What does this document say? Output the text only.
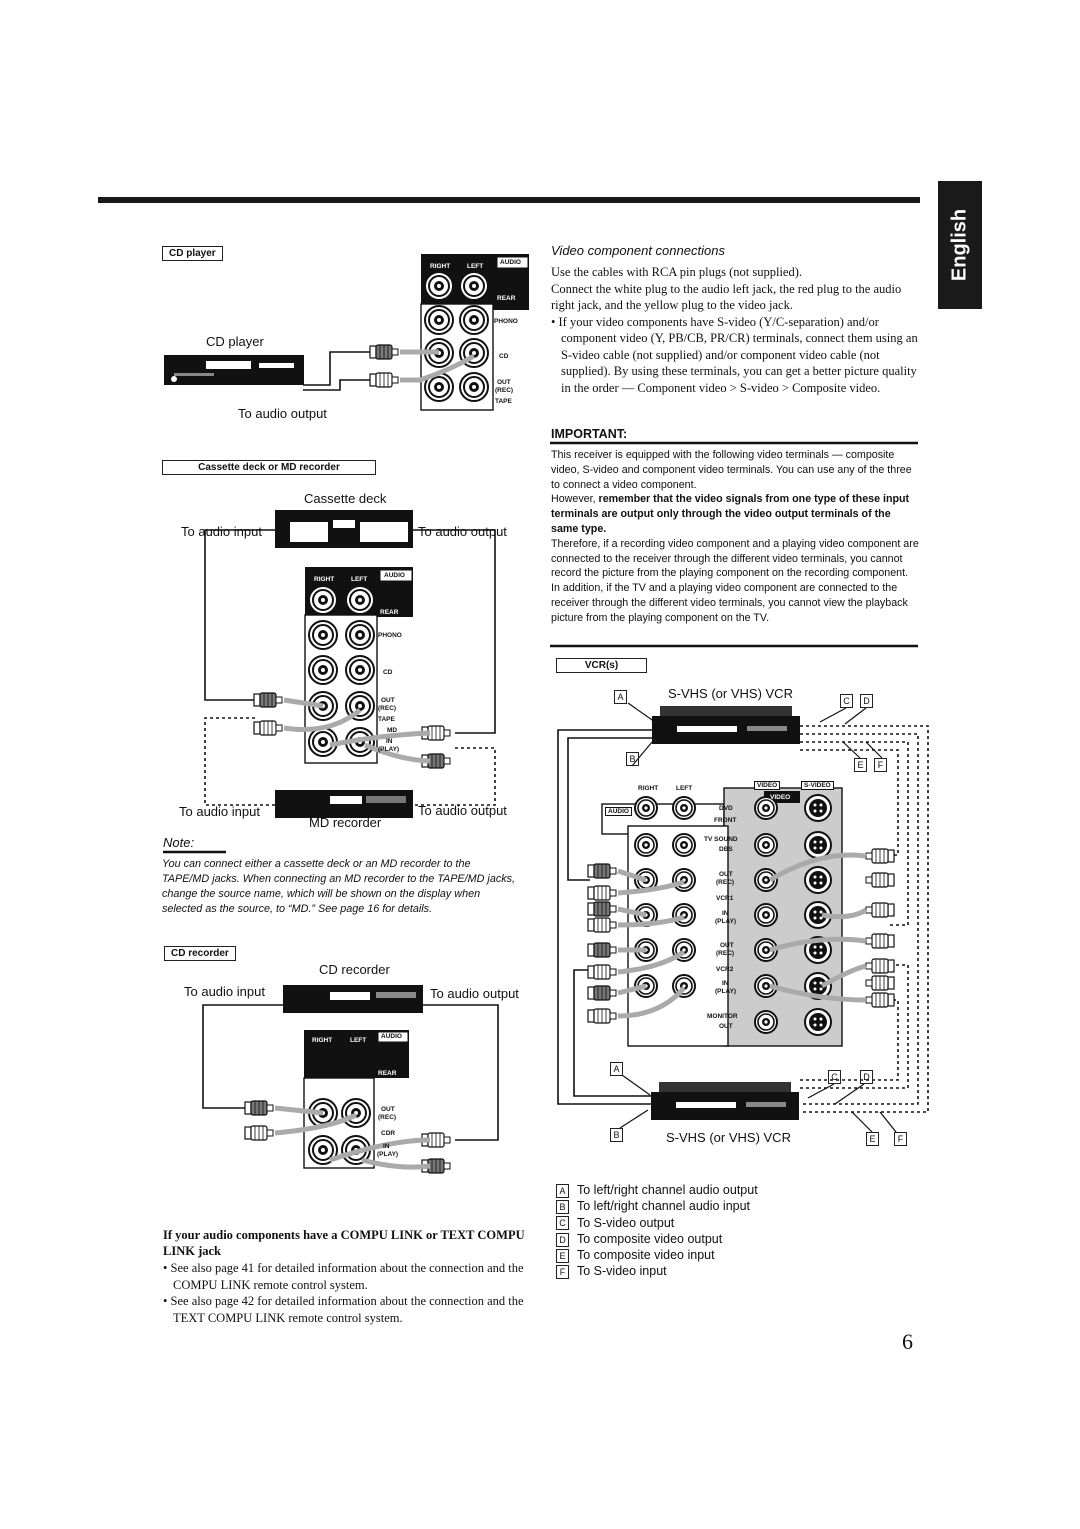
English
CD player
CD player
To audio output
RIGHT	LEFT
AUDIO
REAR
PHONO
CD
OUT
(REC)
TAPE
Cassette deck or MD recorder
Cassette deck
To audio input	To audio output
RIGHT	LEFT
AUDIO
REAR
PHONO
CD
OUT
(REC)
TAPE
MD
IN
(PLAY)
To audio input	To audio output
MD recorder
Note:
You can connect either a cassette deck or an MD recorder to the TAPE/MD jacks. When connecting an MD recorder to the TAPE/MD jacks, change the source name, which will be shown on the display when selected as the source, to “MD.” See page 16 for details.
CD recorder
CD recorder
To audio input	To audio output
RIGHT	LEFT
AUDIO
REAR
OUT
(REC)
CDR
IN
(PLAY)
If your audio components have a COMPU LINK or TEXT COMPU LINK jack
• See also page 41 for detailed information about the connection and the COMPU LINK remote control system.
• See also page 42 for detailed information about the connection and the TEXT COMPU LINK remote control system.
Video component connections
Use the cables with RCA pin plugs (not supplied).
Connect the white plug to the audio left jack, the red plug to the audio right jack, and the yellow plug to the video jack.
• If your video components have S-video (Y/C-separation) and/or component video (Y, PB/CB, PR/CR) terminals, connect them using an S-video cable (not supplied) and/or component video cable (not supplied). By using these terminals, you can get a better picture quality in the order — Component video > S-video > Composite video.
IMPORTANT:
This receiver is equipped with the following video terminals — composite video, S-video and component video terminals. You can use any of the three to connect a video component.
However, remember that the video signals from one type of these input terminals are output only through the video output terminals of the same type.
Therefore, if a recording video component and a playing video component are connected to the receiver through the different video terminals, you cannot record the picture from the playing component on the recording component. In addition, if the TV and a playing video component are connected to the receiver through the different video terminals, you cannot view the playback picture from the playing component on the TV.
VCR(s)
S-VHS (or VHS) VCR
S-VHS (or VHS) VCR
A
B
C	D
E	F
A
B
C	D
E	F
VIDEO
AUDIO
RIGHT	LEFT	VIDEO	S-VIDEO
DVD
FRONT
TV SOUND
DBS
OUT
(REC)
VCR1
IN
(PLAY)
OUT
(REC)
VCR2
IN
(PLAY)
MONITOR
OUT
A To left/right channel audio output
B To left/right channel audio input
C To S-video output
D To composite video output
E To composite video input
F To S-video input
6
